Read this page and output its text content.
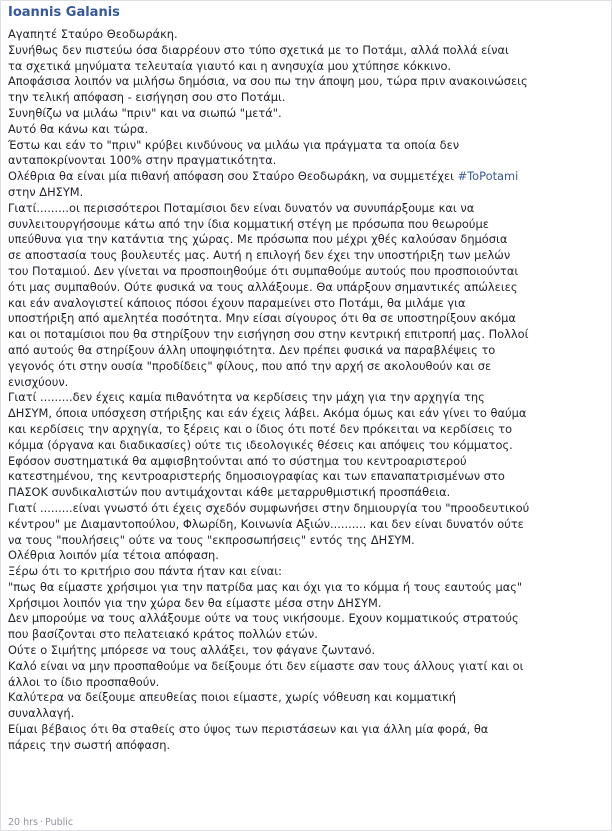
Ioannis Galanis
Αγαπητέ Σταύρο Θεοδωράκη.
Συνήθως δεν πιστεύω όσα διαρρέουν στο τύπο σχετικά με το Ποτάμι, αλλά πολλά είναι
τα σχετικά μηνύματα τελευταία γιαυτό και η ανησυχία μου χτύπησε κόκκινο.
Αποφάσισα λοιπόν να μιλήσω δημόσια, να σου πω την άποψη μου, τώρα πριν ανακοινώσεις
την τελική απόφαση - εισήγηση σου στο Ποτάμι.
Συνηθίζω να μιλάω "πριν" και να σιωπώ "μετά".
Αυτό θα κάνω και τώρα.
Έστω και εάν το "πριν" κρύβει κινδύνους να μιλάω για πράγματα τα οποία δεν
ανταποκρίνονται 100% στην πραγματικότητα.
Ολέθρια θα είναι μία πιθανή απόφαση σου Σταύρο Θεοδωράκη, να συμμετέχει #ToPotami
στην ΔΗΣΥΜ.
Γιατί.........οι περισσότεροι Ποταμίσιοι δεν είναι δυνατόν να συνυπάρξουμε και να
συνλειτουργήσουμε κάτω από την ίδια κομματική στέγη με πρόσωπα που θεωρούμε
υπεύθυνα για την κατάντια της χώρας. Με πρόσωπα που μέχρι χθές καλούσαν δημόσια
σε αποστασία τους βουλευτές μας. Αυτή η επιλογή δεν έχει την υποστήριξη των μελών
του Ποταμιού. Δεν γίνεται να προσποιηθούμε ότι συμπαθούμε αυτούς που προσποιούνται
ότι μας συμπαθούν. Ούτε φυσικά να τους αλλάξουμε. Θα υπάρξουν σημαντικές απώλειες
και εάν αναλογιστεί κάποιος πόσοι έχουν παραμείνει στο Ποτάμι, θα μιλάμε για
υποστήριξη από αμελητέα ποσότητα. Μην είσαι σίγουρος ότι θα σε υποστηρίξουν ακόμα
και οι ποταμίσιοι που θα στηρίξουν την εισήγηση σου στην κεντρική επιτροπή μας. Πολλοί
από αυτούς θα στηρίξουν άλλη υποψηφιότητα. Δεν πρέπει φυσικά να παραβλέψεις το
γεγονός ότι στην ουσία "προδίδεις" φίλους, που από την αρχή σε ακολουθούν και σε
ενισχύουν.
Γιατί .........δεν έχεις καμία πιθανότητα να κερδίσεις την μάχη για την αρχηγία της
ΔΗΣΥΜ, όποια υπόσχεση στήριξης και εάν έχεις λάβει. Ακόμα όμως και εάν γίνει το θαύμα
και κερδίσεις την αρχηγία, το ξέρεις και ο ίδιος ότι ποτέ δεν πρόκειται να κερδίσεις το
κόμμα (όργανα και διαδικασίες) ούτε τις ιδεολογικές θέσεις και απόψεις του κόμματος.
Εφόσον συστηματικά θα αμφισβητούνται από το σύστημα του κεντροαριστερού
κατεστημένου, της κεντροαριστερής δημοσιογραφίας και των επαναπατρισμένων στο
ΠΑΣΟΚ συνδικαλιστών που αντιμάχονται κάθε μεταρρυθμιστική προσπάθεια.
Γιατί .........είναι γνωστό ότι έχεις σχεδόν συμφωνήσει στην δημιουργία του "προοδευτικού
κέντρου" με Διαμαντοπούλου, Φλωρίδη, Κοινωνία Αξιών.......... και δεν είναι δυνατόν ούτε
να τους "πουλήσεις" ούτε να τους "εκπροσωπήσεις" εντός της ΔΗΣΥΜ.
Ολέθρια λοιπόν μία τέτοια απόφαση.
Ξέρω ότι το κριτήριο σου πάντα ήταν και είναι:
"πως θα είμαστε χρήσιμοι για την πατρίδα μας και όχι για το κόμμα ή τους εαυτούς μας"
Χρήσιμοι λοιπόν για την χώρα δεν θα είμαστε μέσα στην ΔΗΣΥΜ.
Δεν μπορούμε να τους αλλάξουμε ούτε να τους νικήσουμε. Εχουν κομματικούς στρατούς
που βασίζονται στο πελατειακό κράτος πολλών ετών.
Ούτε ο Σιμήτης μπόρεσε να τους αλλάξει, τον φάγανε ζωντανό.
Καλό είναι να μην προσπαθούμε να δείξουμε ότι δεν είμαστε σαν τους άλλους γιατί και οι
άλλοι το ίδιο προσπαθούν.
Καλύτερα να δείξουμε απευθείας ποιοι είμαστε, χωρίς νόθευση και κομματική
συναλλαγή.
Είμαι βέβαιος ότι θα σταθείς στο ύψος των περιστάσεων και για άλλη μία φορά, θα
πάρεις την σωστή απόφαση.
20 hrs · Public
